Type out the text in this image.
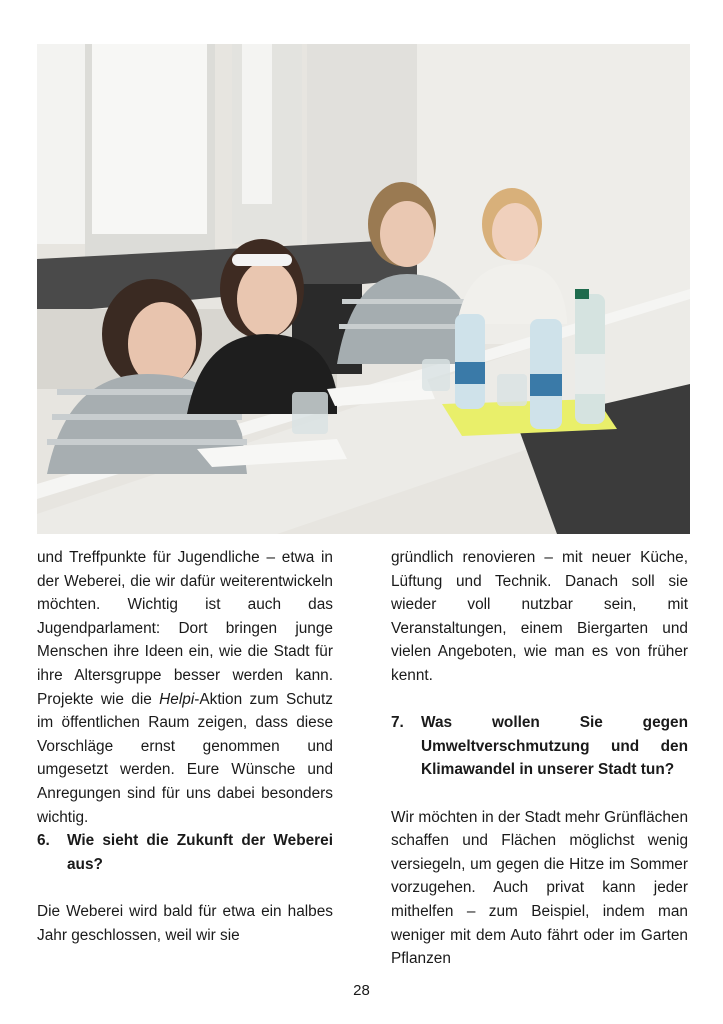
und Treffpunkte für Jugendliche – etwa in der Weberei, die wir dafür weiterentwickeln möchten. Wichtig ist auch das Jugendparlament: Dort bringen junge Menschen ihre Ideen ein, wie die Stadt für ihre Altersgruppe besser werden kann. Projekte wie die Helpi-Aktion zum Schutz im öffentlichen Raum zeigen, dass diese Vorschläge ernst genommen und umgesetzt werden. Eure Wünsche und Anregungen sind für uns dabei besonders wichtig.

6.	Wie sieht die Zukunft der Weberei aus?

Die Weberei wird bald für etwa ein halbes Jahr geschlossen, weil wir sie

gründlich renovieren – mit neuer Küche, Lüftung und Technik. Danach soll sie wieder voll nutzbar sein, mit Veranstaltungen, einem Biergarten und vielen Angeboten, wie man es von früher kennt.

7.	Was wollen Sie gegen Umweltverschmutzung und den Klimawandel in unserer Stadt tun?

Wir möchten in der Stadt mehr Grünflächen schaffen und Flächen möglichst wenig versiegeln, um gegen die Hitze im Sommer vorzugehen. Auch privat kann jeder mithelfen – zum Beispiel, indem man weniger mit dem Auto fährt oder im Garten Pflanzen

28
